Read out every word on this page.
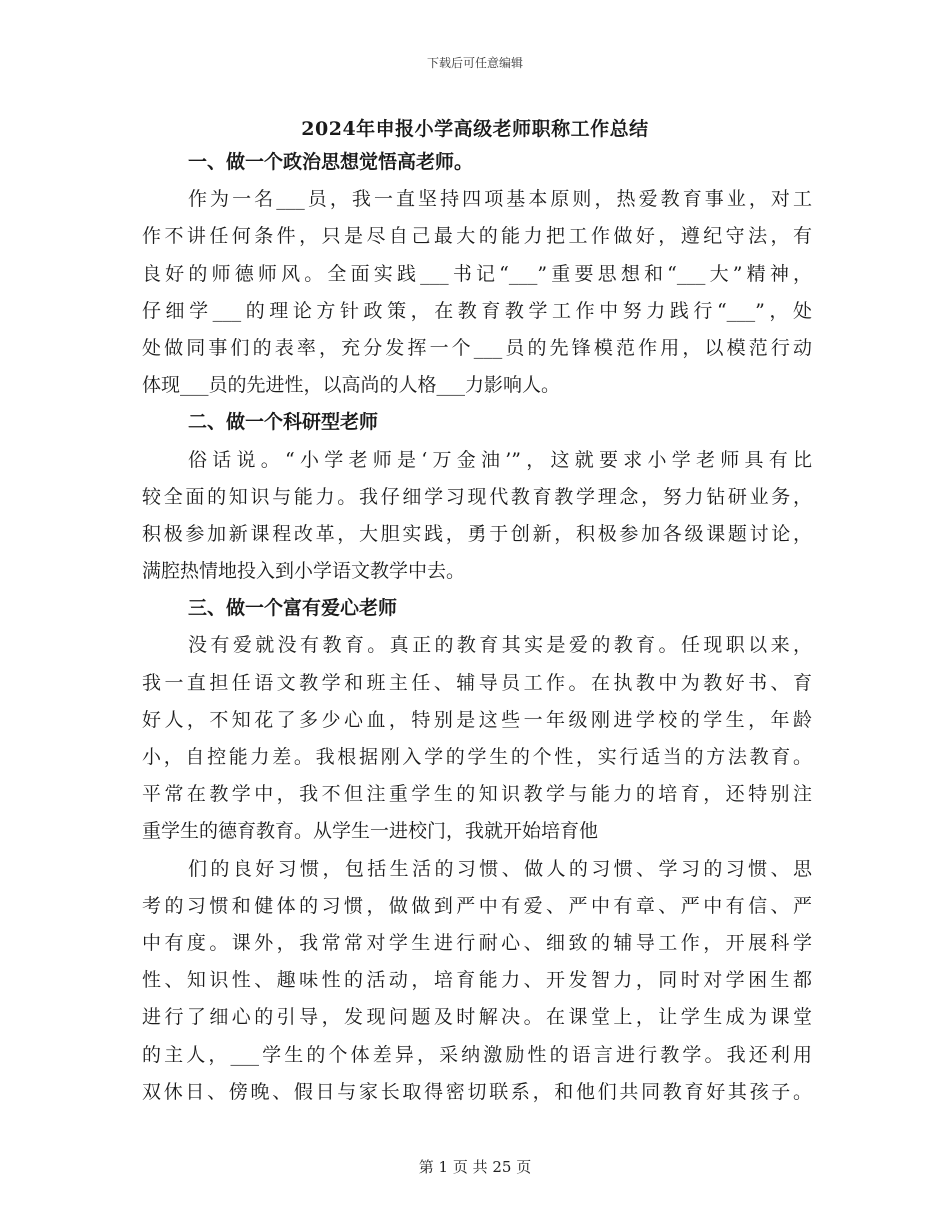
下载后可任意编辑
2024年申报小学高级老师职称工作总结
一、做一个政治思想觉悟高老师。
作为一名___员，我一直坚持四项基本原则，热爱教育事业，对工
作不讲任何条件，只是尽自己最大的能力把工作做好，遵纪守法，有
良好的师德师风。全面实践___书记“___”重要思想和“___大”精神，
仔细学___的理论方针政策，在教育教学工作中努力践行“___”，处
处做同事们的表率，充分发挥一个___员的先锋模范作用，以模范行动
体现___员的先进性，以高尚的人格___力影响人。
二、做一个科研型老师
俗话说。“小学老师是‘万金油’”，这就要求小学老师具有比
较全面的知识与能力。我仔细学习现代教育教学理念，努力钻研业务，
积极参加新课程改革，大胆实践，勇于创新，积极参加各级课题讨论，
满腔热情地投入到小学语文教学中去。
三、做一个富有爱心老师
没有爱就没有教育。真正的教育其实是爱的教育。任现职以来，
我一直担任语文教学和班主任、辅导员工作。在执教中为教好书、育
好人，不知花了多少心血，特别是这些一年级刚进学校的学生，年龄
小，自控能力差。我根据刚入学的学生的个性，实行适当的方法教育。
平常在教学中，我不但注重学生的知识教学与能力的培育，还特别注
重学生的德育教育。从学生一进校门，我就开始培育他
们的良好习惯，包括生活的习惯、做人的习惯、学习的习惯、思
考的习惯和健体的习惯，做做到严中有爱、严中有章、严中有信、严
中有度。课外，我常常对学生进行耐心、细致的辅导工作，开展科学
性、知识性、趣味性的活动，培育能力、开发智力，同时对学困生都
进行了细心的引导，发现问题及时解决。在课堂上，让学生成为课堂
的主人，___学生的个体差异，采纳激励性的语言进行教学。我还利用
双休日、傍晚、假日与家长取得密切联系，和他们共同教育好其孩子。
第 1 页 共 25 页
